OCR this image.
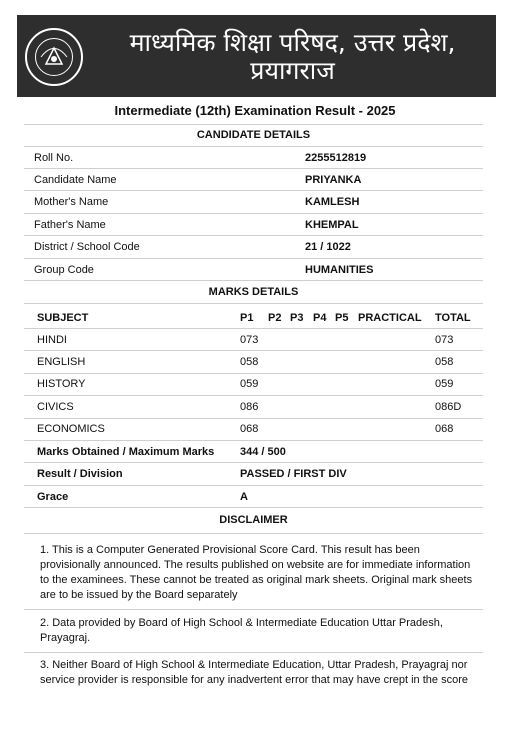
माध्यमिक शिक्षा परिषद, उत्तर प्रदेश,
प्रयागराज
Intermediate (12th) Examination Result - 2025
CANDIDATE DETAILS
Roll No.	2255512819
Candidate Name	PRIYANKA
Mother's Name	KAMLESH
Father's Name	KHEMPAL
District / School Code	21 / 1022
Group Code	HUMANITIES
MARKS DETAILS
SUBJECT	P1 P2 P3 P4 P5 PRACTICAL TOTAL
HINDI	073	073
ENGLISH	058	058
HISTORY	059	059
CIVICS	086	086D
ECONOMICS	068	068
Marks Obtained / Maximum Marks 344 / 500
Result / Division	PASSED / FIRST DIV
Grace	A
DISCLAIMER
1. This is a Computer Generated Provisional Score Card. This result has been provisionally announced. The results published on website are for immediate information to the examinees. These cannot be treated as original mark sheets. Original mark sheets are to be issued by the Board separately
2. Data provided by Board of High School & Intermediate Education Uttar Pradesh, Prayagraj.
3. Neither Board of High School & Intermediate Education, Uttar Pradesh, Prayagraj nor service provider is responsible for any inadvertent error that may have crept in the score
